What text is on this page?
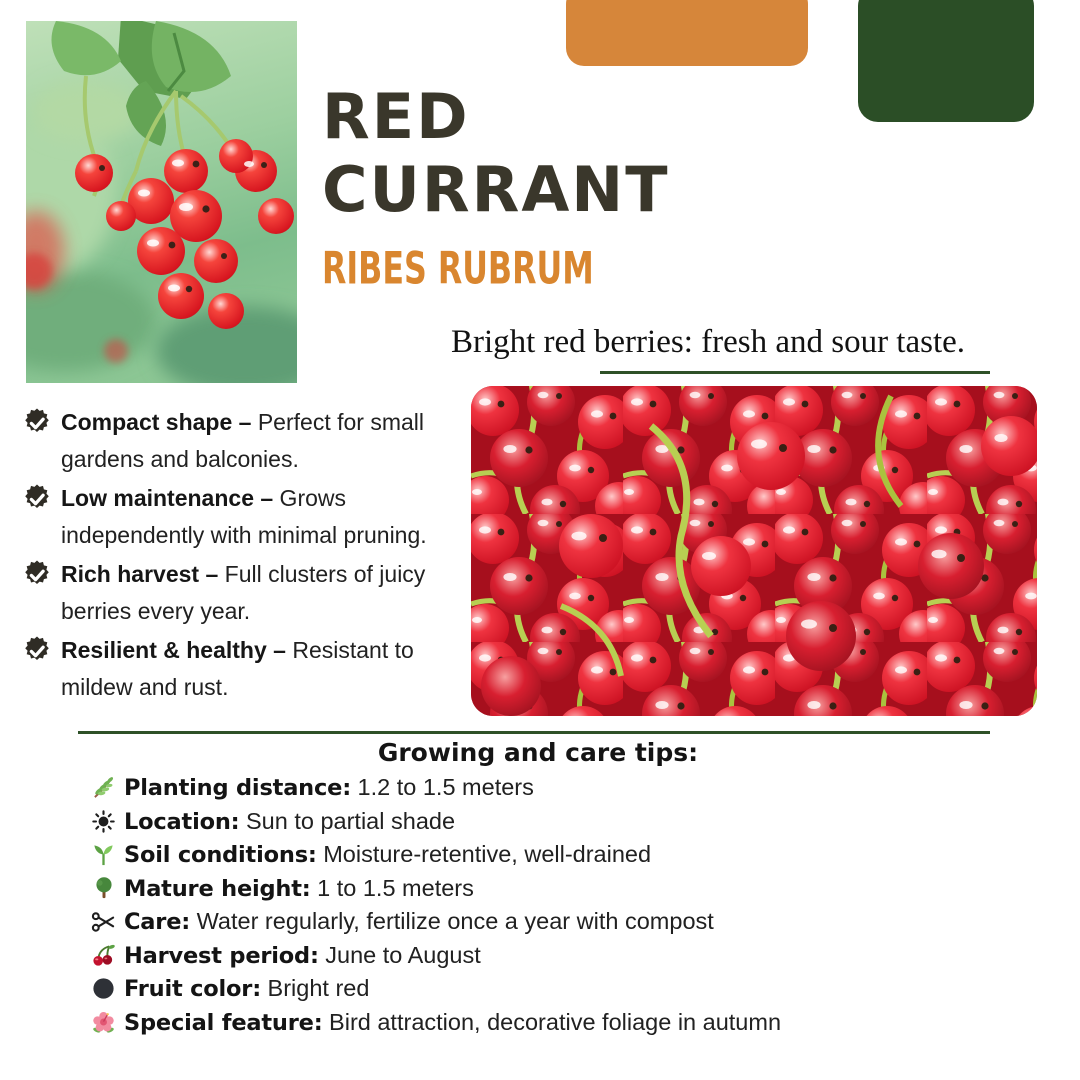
RED
CURRANT
RIBES RUBRUM
Bright red berries: fresh and sour taste.
Compact shape – Perfect for small gardens and balconies.
Low maintenance – Grows independently with minimal pruning.
Rich harvest – Full clusters of juicy berries every year.
Resilient & healthy – Resistant to mildew and rust.
Growing and care tips:
Planting distance: 1.2 to 1.5 meters
Location: Sun to partial shade
Soil conditions: Moisture-retentive, well-drained
Mature height: 1 to 1.5 meters
Care: Water regularly, fertilize once a year with compost
Harvest period: June to August
Fruit color: Bright red
Special feature: Bird attraction, decorative foliage in autumn
